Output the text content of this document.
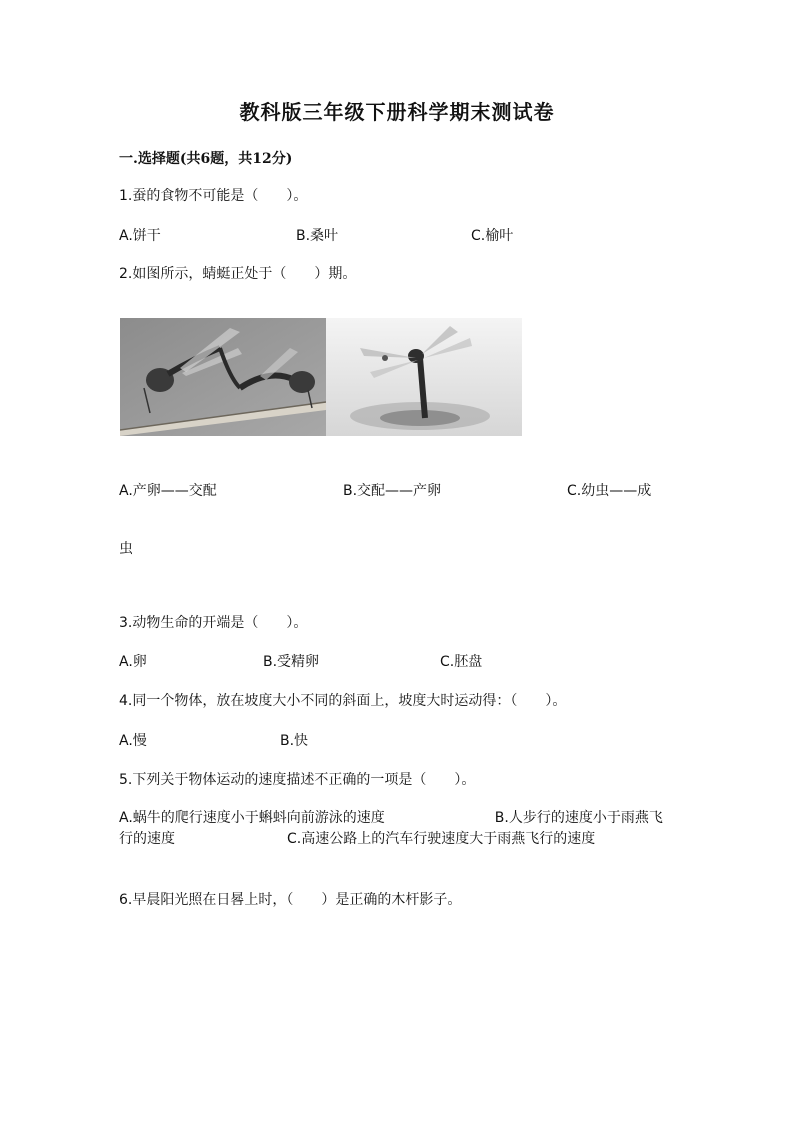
教科版三年级下册科学期末测试卷
一.选择题(共6题，共12分)
1.蚕的食物不可能是（　　）。
A.饼干	B.桑叶	C.榆叶
2.如图所示，蜻蜓正处于（　　）期。
A.产卵——交配	B.交配——产卵	C.幼虫——成
虫
3.动物生命的开端是（　　）。
A.卵	B.受精卵	C.胚盘
4.同一个物体，放在坡度大小不同的斜面上，坡度大时运动得：（　　）。
A.慢	B.快
5.下列关于物体运动的速度描述不正确的一项是（　　）。
A.蜗牛的爬行速度小于蝌蚪向前游泳的速度	B.人步行的速度小于雨燕飞行的速度	C.高速公路上的汽车行驶速度大于雨燕飞行的速度
6.早晨阳光照在日晷上时，（　　）是正确的木杆影子。
